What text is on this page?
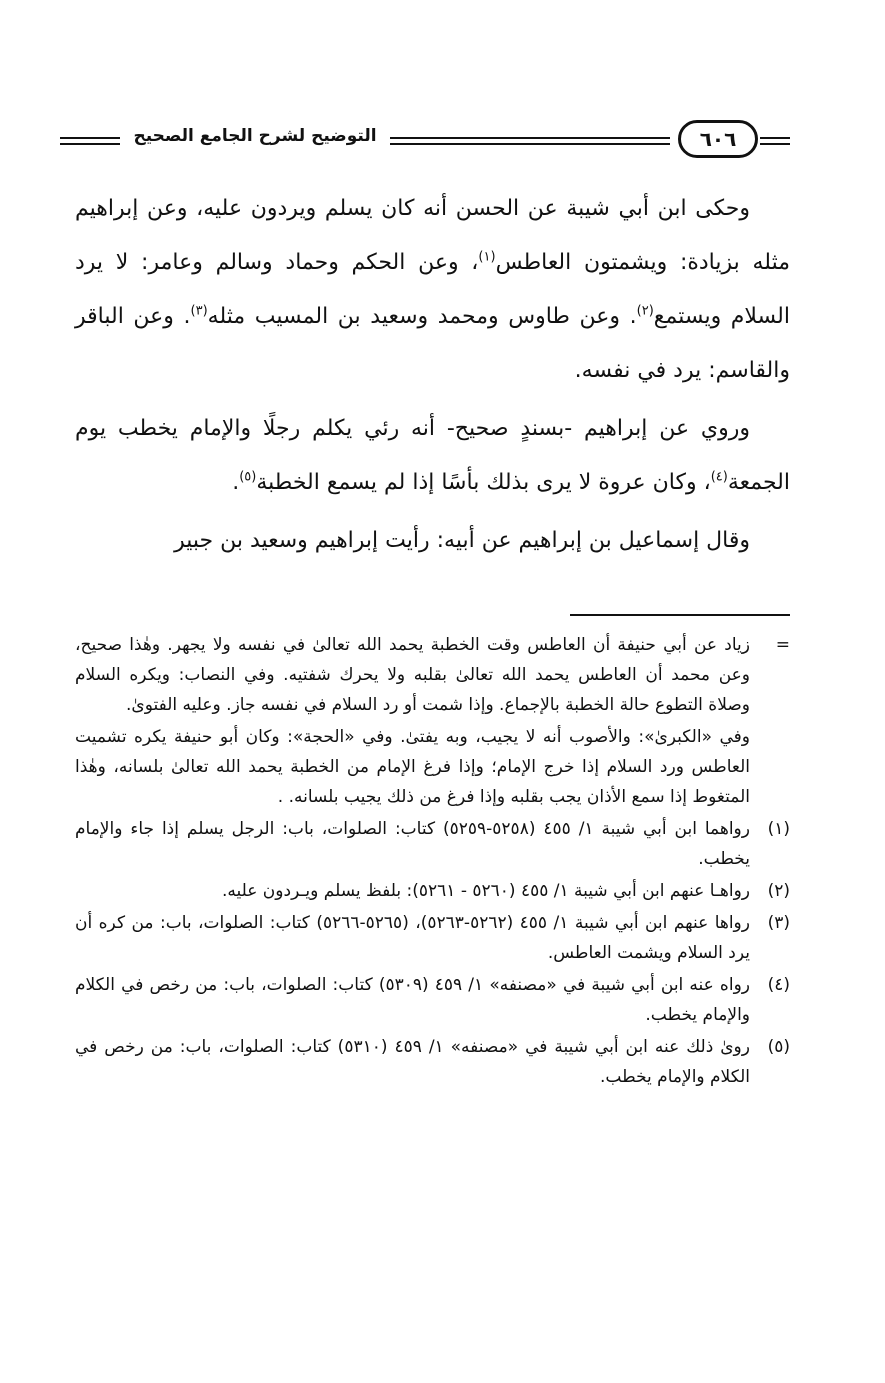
التوضيح لشرح الجامع الصحيح	٦٠٦

وحكى ابن أبي شيبة عن الحسن أنه كان يسلم ويردون عليه، وعن إبراهيم مثله بزيادة: ويشمتون العاطس$^{(١)}$، وعن الحكم وحماد وسالم وعامر: لا يرد السلام ويستمع$^{(٢)}$. وعن طاوس ومحمد وسعيد بن المسيب مثله$^{(٣)}$. وعن الباقر والقاسم: يرد في نفسه.

وروي عن إبراهيم -بسندٍ صحيح- أنه رئي يكلم رجلًا والإمام يخطب يوم الجمعة$^{(٤)}$، وكان عروة لا يرى بذلك بأسًا إذا لم يسمع الخطبة$^{(٥)}$.

وقال إسماعيل بن إبراهيم عن أبيه: رأيت إبراهيم وسعيد بن جبير

=

زياد عن أبي حنيفة أن العاطس وقت الخطبة يحمد الله تعالىٰ في نفسه ولا يجهر. وهٰذا صحيح، وعن محمد أن العاطس يحمد الله تعالىٰ بقلبه ولا يحرك شفتيه. وفي النصاب: ويكره السلام وصلاة التطوع حالة الخطبة بالإجماع. وإذا شمت أو رد السلام في نفسه جاز. وعليه الفتوىٰ.

وفي «الكبرىٰ»: والأصوب أنه لا يجيب، وبه يفتىٰ. وفي «الحجة»: وكان أبو حنيفة يكره تشميت العاطس ورد السلام إذا خرج الإمام؛ وإذا فرغ الإمام من الخطبة يحمد الله تعالىٰ بلسانه، وهٰذا المتغوط إذا سمع الأذان يجب بقلبه وإذا فرغ من ذلك يجيب بلسانه. .

(١)
رواهما ابن أبي شيبة ١/ ٤٥٥ (٥٢٥٨-٥٢٥٩) كتاب: الصلوات، باب: الرجل يسلم إذا جاء والإمام يخطب.
(٢)
رواهـا عنهم ابن أبي شيبة ١/ ٤٥٥ (٥٢٦٠ - ٥٢٦١): بلفظ يسلم ويـردون عليه.
(٣)
رواها عنهم ابن أبي شيبة ١/ ٤٥٥ (٥٢٦٢-٥٢٦٣)، (٥٢٦٥-٥٢٦٦) كتاب: الصلوات، باب: من كره أن يرد السلام ويشمت العاطس.
(٤)
رواه عنه ابن أبي شيبة في «مصنفه» ١/ ٤٥٩ (٥٣٠٩) كتاب: الصلوات، باب: من رخص في الكلام والإمام يخطب.
(٥)
رویٰ ذلك عنه ابن أبي شيبة في «مصنفه» ١/ ٤٥٩ (٥٣١٠) كتاب: الصلوات، باب: من رخص في الكلام والإمام يخطب.
